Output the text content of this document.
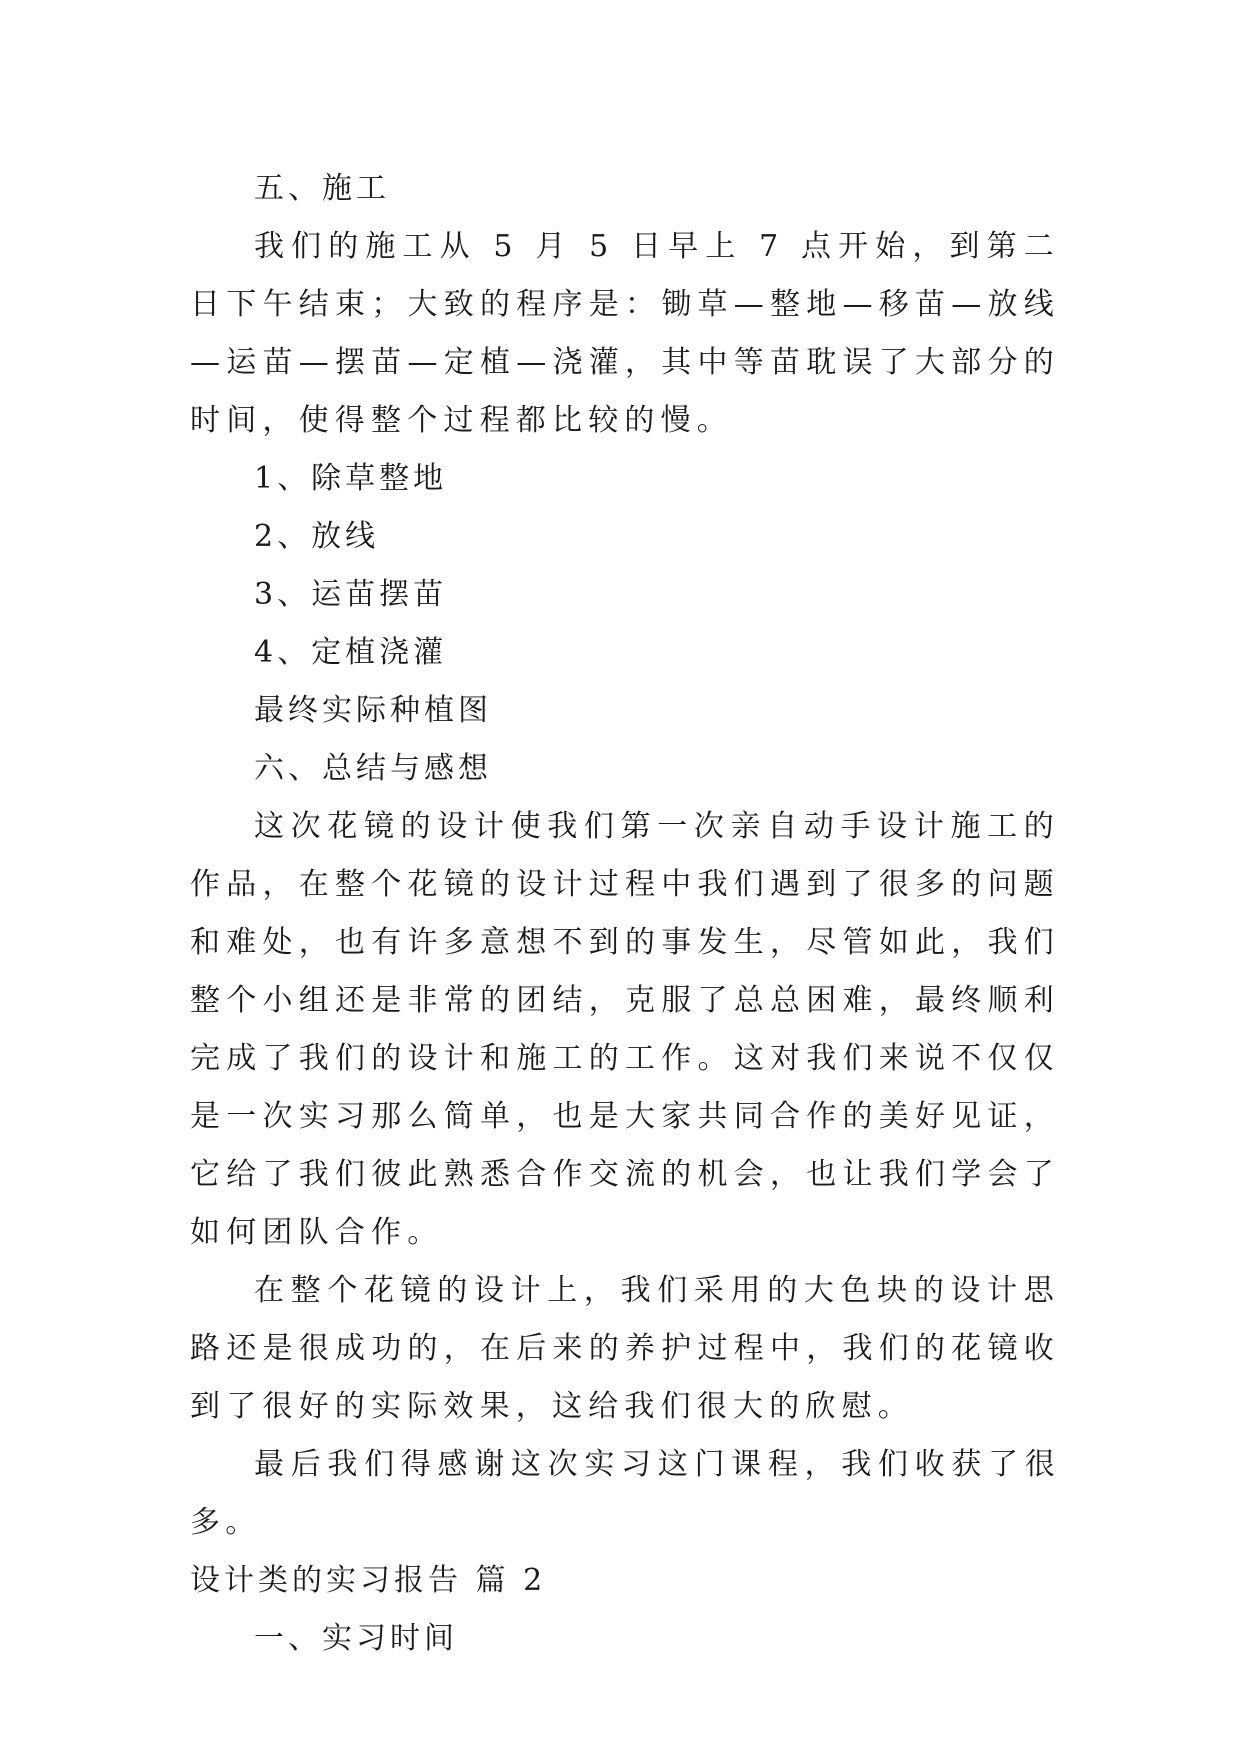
五、施工

我们的施工从 5 月 5 日早上 7 点开始，到第二日下午结束；大致的程序是：锄草—整地—移苗—放线—运苗—摆苗—定植—浇灌，其中等苗耽误了大部分的时间，使得整个过程都比较的慢。

1、除草整地
2、放线
3、运苗摆苗
4、定植浇灌
最终实际种植图
六、总结与感想

这次花镜的设计使我们第一次亲自动手设计施工的作品，在整个花镜的设计过程中我们遇到了很多的问题和难处，也有许多意想不到的事发生，尽管如此，我们整个小组还是非常的团结，克服了总总困难，最终顺利完成了我们的设计和施工的工作。这对我们来说不仅仅是一次实习那么简单，也是大家共同合作的美好见证，它给了我们彼此熟悉合作交流的机会，也让我们学会了如何团队合作。

在整个花镜的设计上，我们采用的大色块的设计思路还是很成功的，在后来的养护过程中，我们的花镜收到了很好的实际效果，这给我们很大的欣慰。

最后我们得感谢这次实习这门课程，我们收获了很多。

设计类的实习报告 篇 2
一、实习时间
